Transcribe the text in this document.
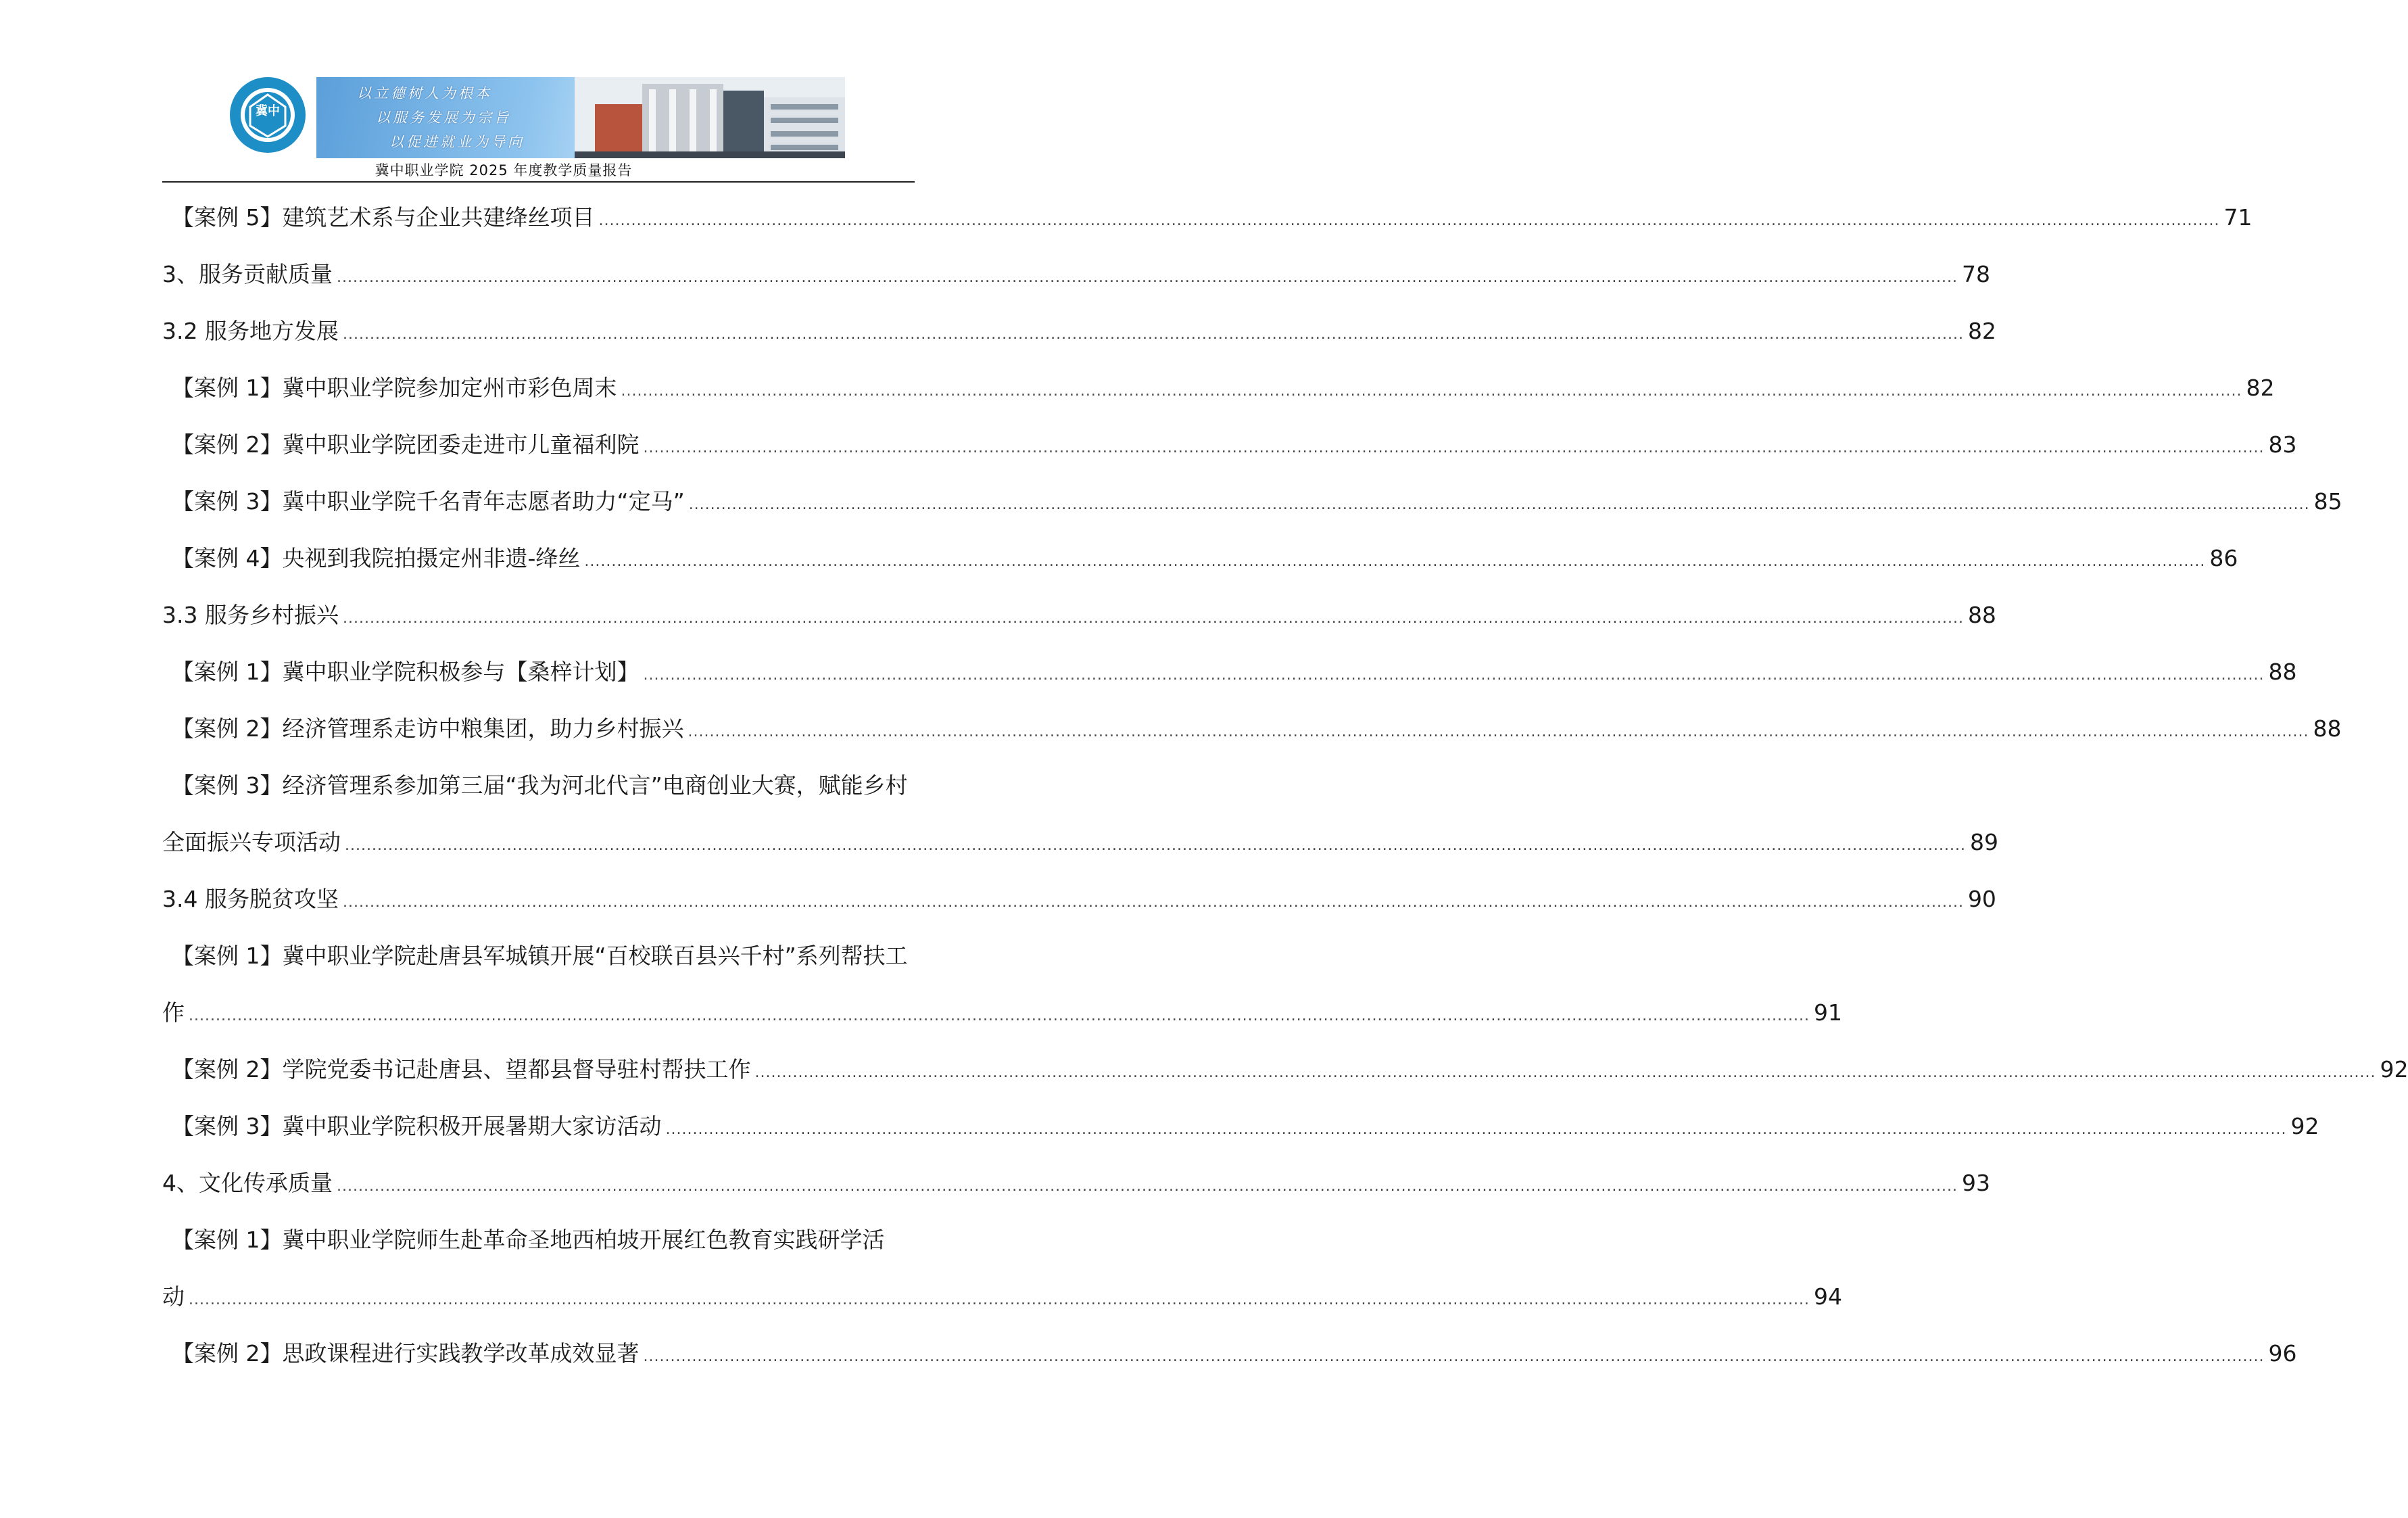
冀中
以立德树人为根本
以服务发展为宗旨
以促进就业为导向
冀中职业学院 2025 年度教学质量报告
【案例 5】建筑艺术系与企业共建绛丝项目 ............................................................................................................................................................................................................................................................................................................ 71
3、服务贡献质量 ............................................................................................................................................................................................................................................................................................................ 78
3.2 服务地方发展 ............................................................................................................................................................................................................................................................................................................ 82
【案例 1】冀中职业学院参加定州市彩色周末 ............................................................................................................................................................................................................................................................................................................ 82
【案例 2】冀中职业学院团委走进市儿童福利院 ............................................................................................................................................................................................................................................................................................................ 83
【案例 3】冀中职业学院千名青年志愿者助力“定马” ............................................................................................................................................................................................................................................................................................................ 85
【案例 4】央视到我院拍摄定州非遗-绛丝 ............................................................................................................................................................................................................................................................................................................ 86
3.3 服务乡村振兴 ............................................................................................................................................................................................................................................................................................................ 88
【案例 1】冀中职业学院积极参与【桑梓计划】 ............................................................................................................................................................................................................................................................................................................ 88
【案例 2】经济管理系走访中粮集团，助力乡村振兴 ............................................................................................................................................................................................................................................................................................................ 88
【案例 3】经济管理系参加第三届“我为河北代言”电商创业大赛，赋能乡村
全面振兴专项活动 ............................................................................................................................................................................................................................................................................................................ 89
3.4 服务脱贫攻坚 ............................................................................................................................................................................................................................................................................................................ 90
【案例 1】冀中职业学院赴唐县军城镇开展“百校联百县兴千村”系列帮扶工
作 ............................................................................................................................................................................................................................................................................................................ 91
【案例 2】学院党委书记赴唐县、望都县督导驻村帮扶工作 ............................................................................................................................................................................................................................................................................................................ 92
【案例 3】冀中职业学院积极开展暑期大家访活动 ............................................................................................................................................................................................................................................................................................................ 92
4、文化传承质量 ............................................................................................................................................................................................................................................................................................................ 93
【案例 1】冀中职业学院师生赴革命圣地西柏坡开展红色教育实践研学活
动 ............................................................................................................................................................................................................................................................................................................ 94
【案例 2】思政课程进行实践教学改革成效显著 ............................................................................................................................................................................................................................................................................................................ 96
